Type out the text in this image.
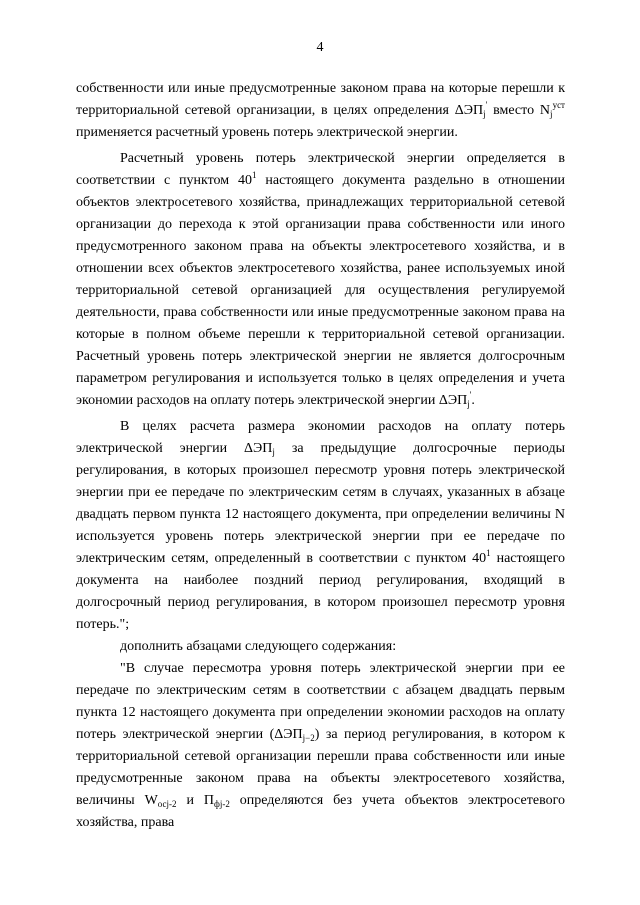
4

собственности или иные предусмотренные законом права на которые перешли к территориальной сетевой организации, в целях определения $\Delta ЭП_j'$ вместо $N_j^{уст}$ применяется расчетный уровень потерь электрической энергии.

Расчетный уровень потерь электрической энергии определяется в соответствии с пунктом $40^1$ настоящего документа раздельно в отношении объектов электросетевого хозяйства, принадлежащих территориальной сетевой организации до перехода к этой организации права собственности или иного предусмотренного законом права на объекты электросетевого хозяйства, и в отношении всех объектов электросетевого хозяйства, ранее используемых иной территориальной сетевой организацией для осуществления регулируемой деятельности, права собственности или иные предусмотренные законом права на которые в полном объеме перешли к территориальной сетевой организации. Расчетный уровень потерь электрической энергии не является долгосрочным параметром регулирования и используется только в целях определения и учета экономии расходов на оплату потерь электрической энергии $\Delta ЭП_j'$.

В целях расчета размера экономии расходов на оплату потерь электрической энергии $\Delta ЭП_j$ за предыдущие долгосрочные периоды регулирования, в которых произошел пересмотр уровня потерь электрической энергии при ее передаче по электрическим сетям в случаях, указанных в абзаце двадцать первом пункта 12 настоящего документа, при определении величины N используется уровень потерь электрической энергии при ее передаче по электрическим сетям, определенный в соответствии с пунктом $40^1$ настоящего документа на наиболее поздний период регулирования, входящий в долгосрочный период регулирования, в котором произошел пересмотр уровня потерь.";

дополнить абзацами следующего содержания:

"В случае пересмотра уровня потерь электрической энергии при ее передаче по электрическим сетям в соответствии с абзацем двадцать первым пункта 12 настоящего документа при определении экономии расходов на оплату потерь электрической энергии $(\Delta ЭП_{j-2})$ за период регулирования, в котором к территориальной сетевой организации перешли права собственности или иные предусмотренные законом права на объекты электросетевого хозяйства, величины $W_{осј-2}$ и $П_{фј-2}$ определяются без учета объектов электросетевого хозяйства, права
